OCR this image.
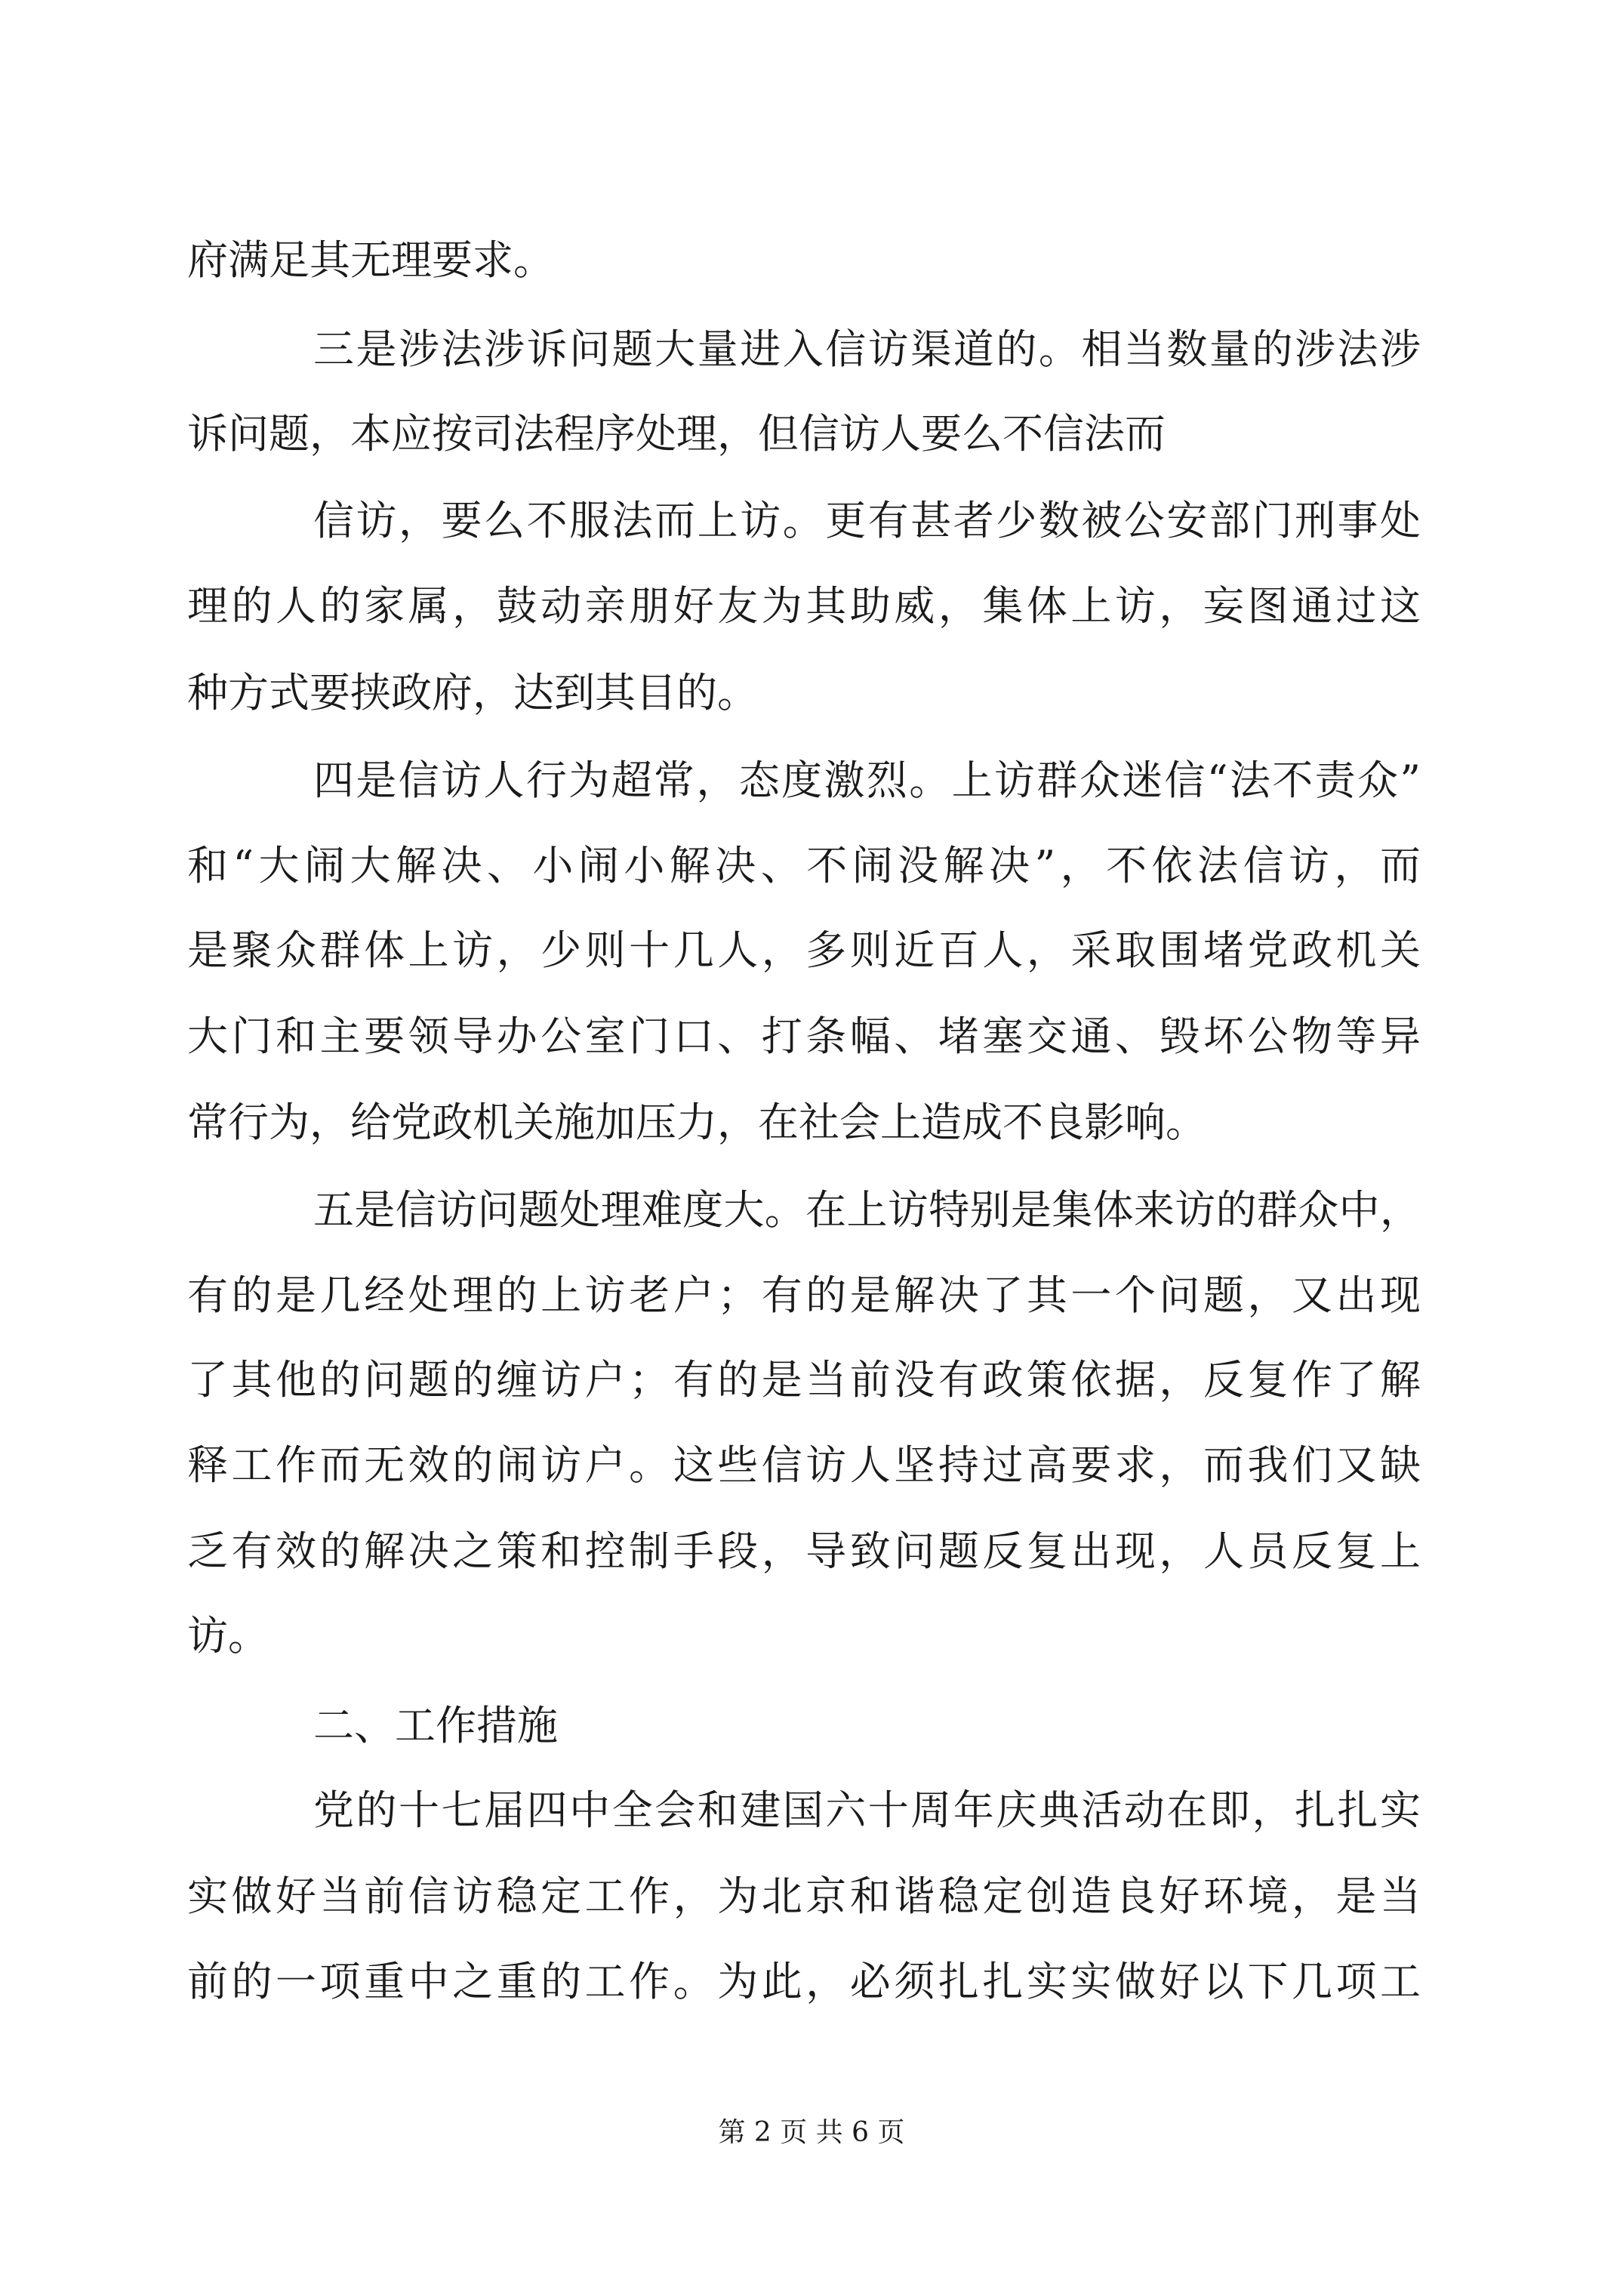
府满足其无理要求。
三是涉法涉诉问题大量进入信访渠道的。相当数量的涉法涉
诉问题，本应按司法程序处理，但信访人要么不信法而
信访，要么不服法而上访。更有甚者少数被公安部门刑事处
理的人的家属，鼓动亲朋好友为其助威，集体上访，妄图通过这
种方式要挟政府，达到其目的。
四是信访人行为超常，态度激烈。上访群众迷信“法不责众”
和“大闹大解决、小闹小解决、不闹没解决”，不依法信访，而
是聚众群体上访，少则十几人，多则近百人，采取围堵党政机关
大门和主要领导办公室门口、打条幅、堵塞交通、毁坏公物等异
常行为，给党政机关施加压力，在社会上造成不良影响。
五是信访问题处理难度大。在上访特别是集体来访的群众中，
有的是几经处理的上访老户；有的是解决了其一个问题，又出现
了其他的问题的缠访户；有的是当前没有政策依据，反复作了解
释工作而无效的闹访户。这些信访人坚持过高要求，而我们又缺
乏有效的解决之策和控制手段，导致问题反复出现，人员反复上
访。
二、工作措施
党的十七届四中全会和建国六十周年庆典活动在即，扎扎实
实做好当前信访稳定工作，为北京和谐稳定创造良好环境，是当
前的一项重中之重的工作。为此，必须扎扎实实做好以下几项工
第 2 页 共 6 页
